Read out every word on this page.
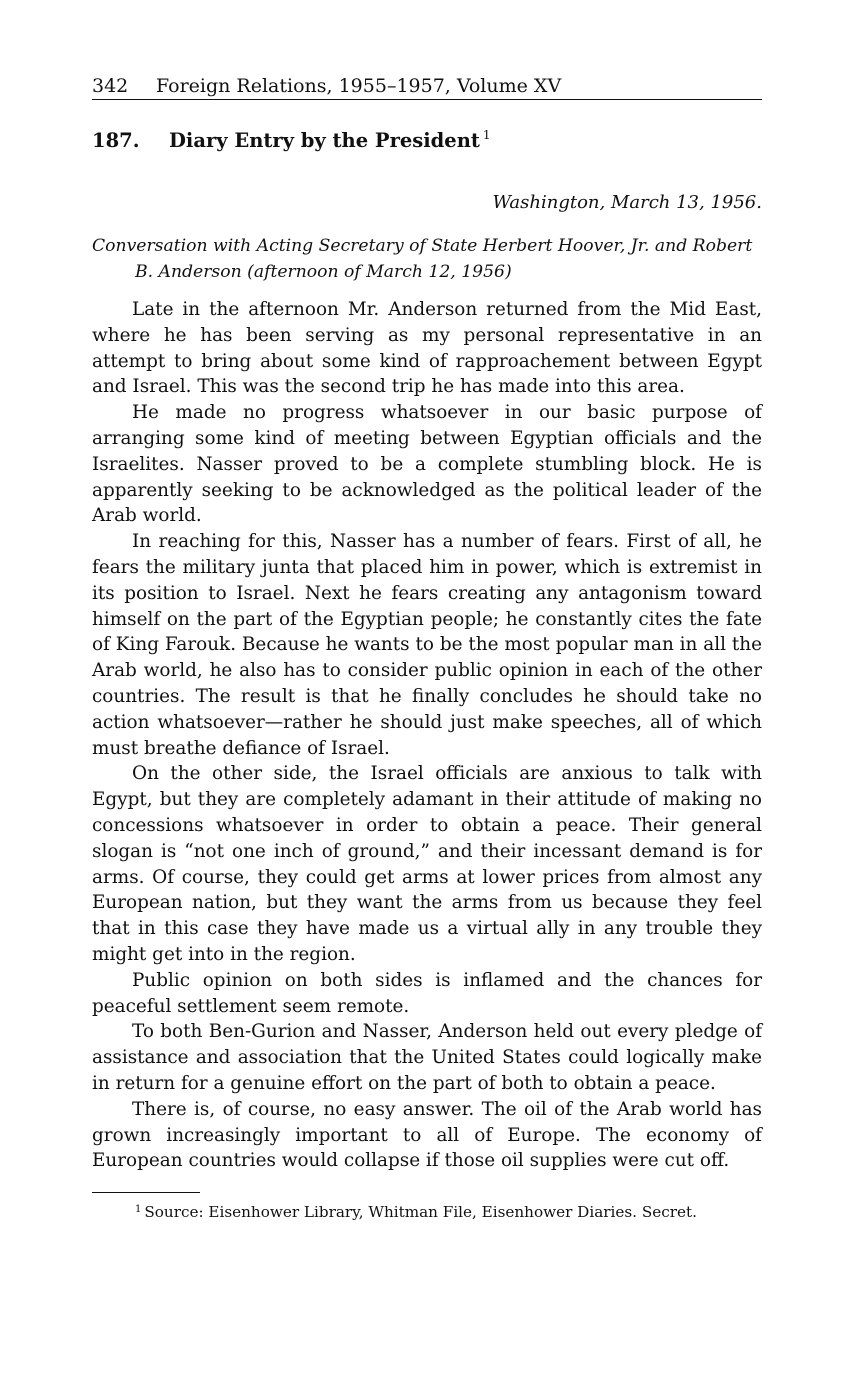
342 Foreign Relations, 1955–1957, Volume XV
187. Diary Entry by the President $^1$
Washington, March 13, 1956.
Conversation with Acting Secretary of State Herbert Hoover, Jr. and Robert B. Anderson (afternoon of March 12, 1956)

Late in the afternoon Mr. Anderson returned from the Mid East, where he has been serving as my personal representative in an attempt to bring about some kind of rapproachement between Egypt and Israel. This was the second trip he has made into this area.

He made no progress whatsoever in our basic purpose of arranging some kind of meeting between Egyptian officials and the Israelites. Nasser proved to be a complete stumbling block. He is apparently seeking to be acknowledged as the political leader of the Arab world.

In reaching for this, Nasser has a number of fears. First of all, he fears the military junta that placed him in power, which is extremist in its position to Israel. Next he fears creating any antagonism toward himself on the part of the Egyptian people; he constantly cites the fate of King Farouk. Because he wants to be the most popular man in all the Arab world, he also has to consider public opinion in each of the other countries. The result is that he finally concludes he should take no action whatsoever—rather he should just make speeches, all of which must breathe defiance of Israel.

On the other side, the Israel officials are anxious to talk with Egypt, but they are completely adamant in their attitude of making no concessions whatsoever in order to obtain a peace. Their general slogan is “not one inch of ground,” and their incessant demand is for arms. Of course, they could get arms at lower prices from almost any European nation, but they want the arms from us because they feel that in this case they have made us a virtual ally in any trouble they might get into in the region.

Public opinion on both sides is inflamed and the chances for peaceful settlement seem remote.

To both Ben-Gurion and Nasser, Anderson held out every pledge of assistance and association that the United States could logically make in return for a genuine effort on the part of both to obtain a peace.

There is, of course, no easy answer. The oil of the Arab world has grown increasingly important to all of Europe. The economy of European countries would collapse if those oil supplies were cut off.

$^1$ Source: Eisenhower Library, Whitman File, Eisenhower Diaries. Secret.
